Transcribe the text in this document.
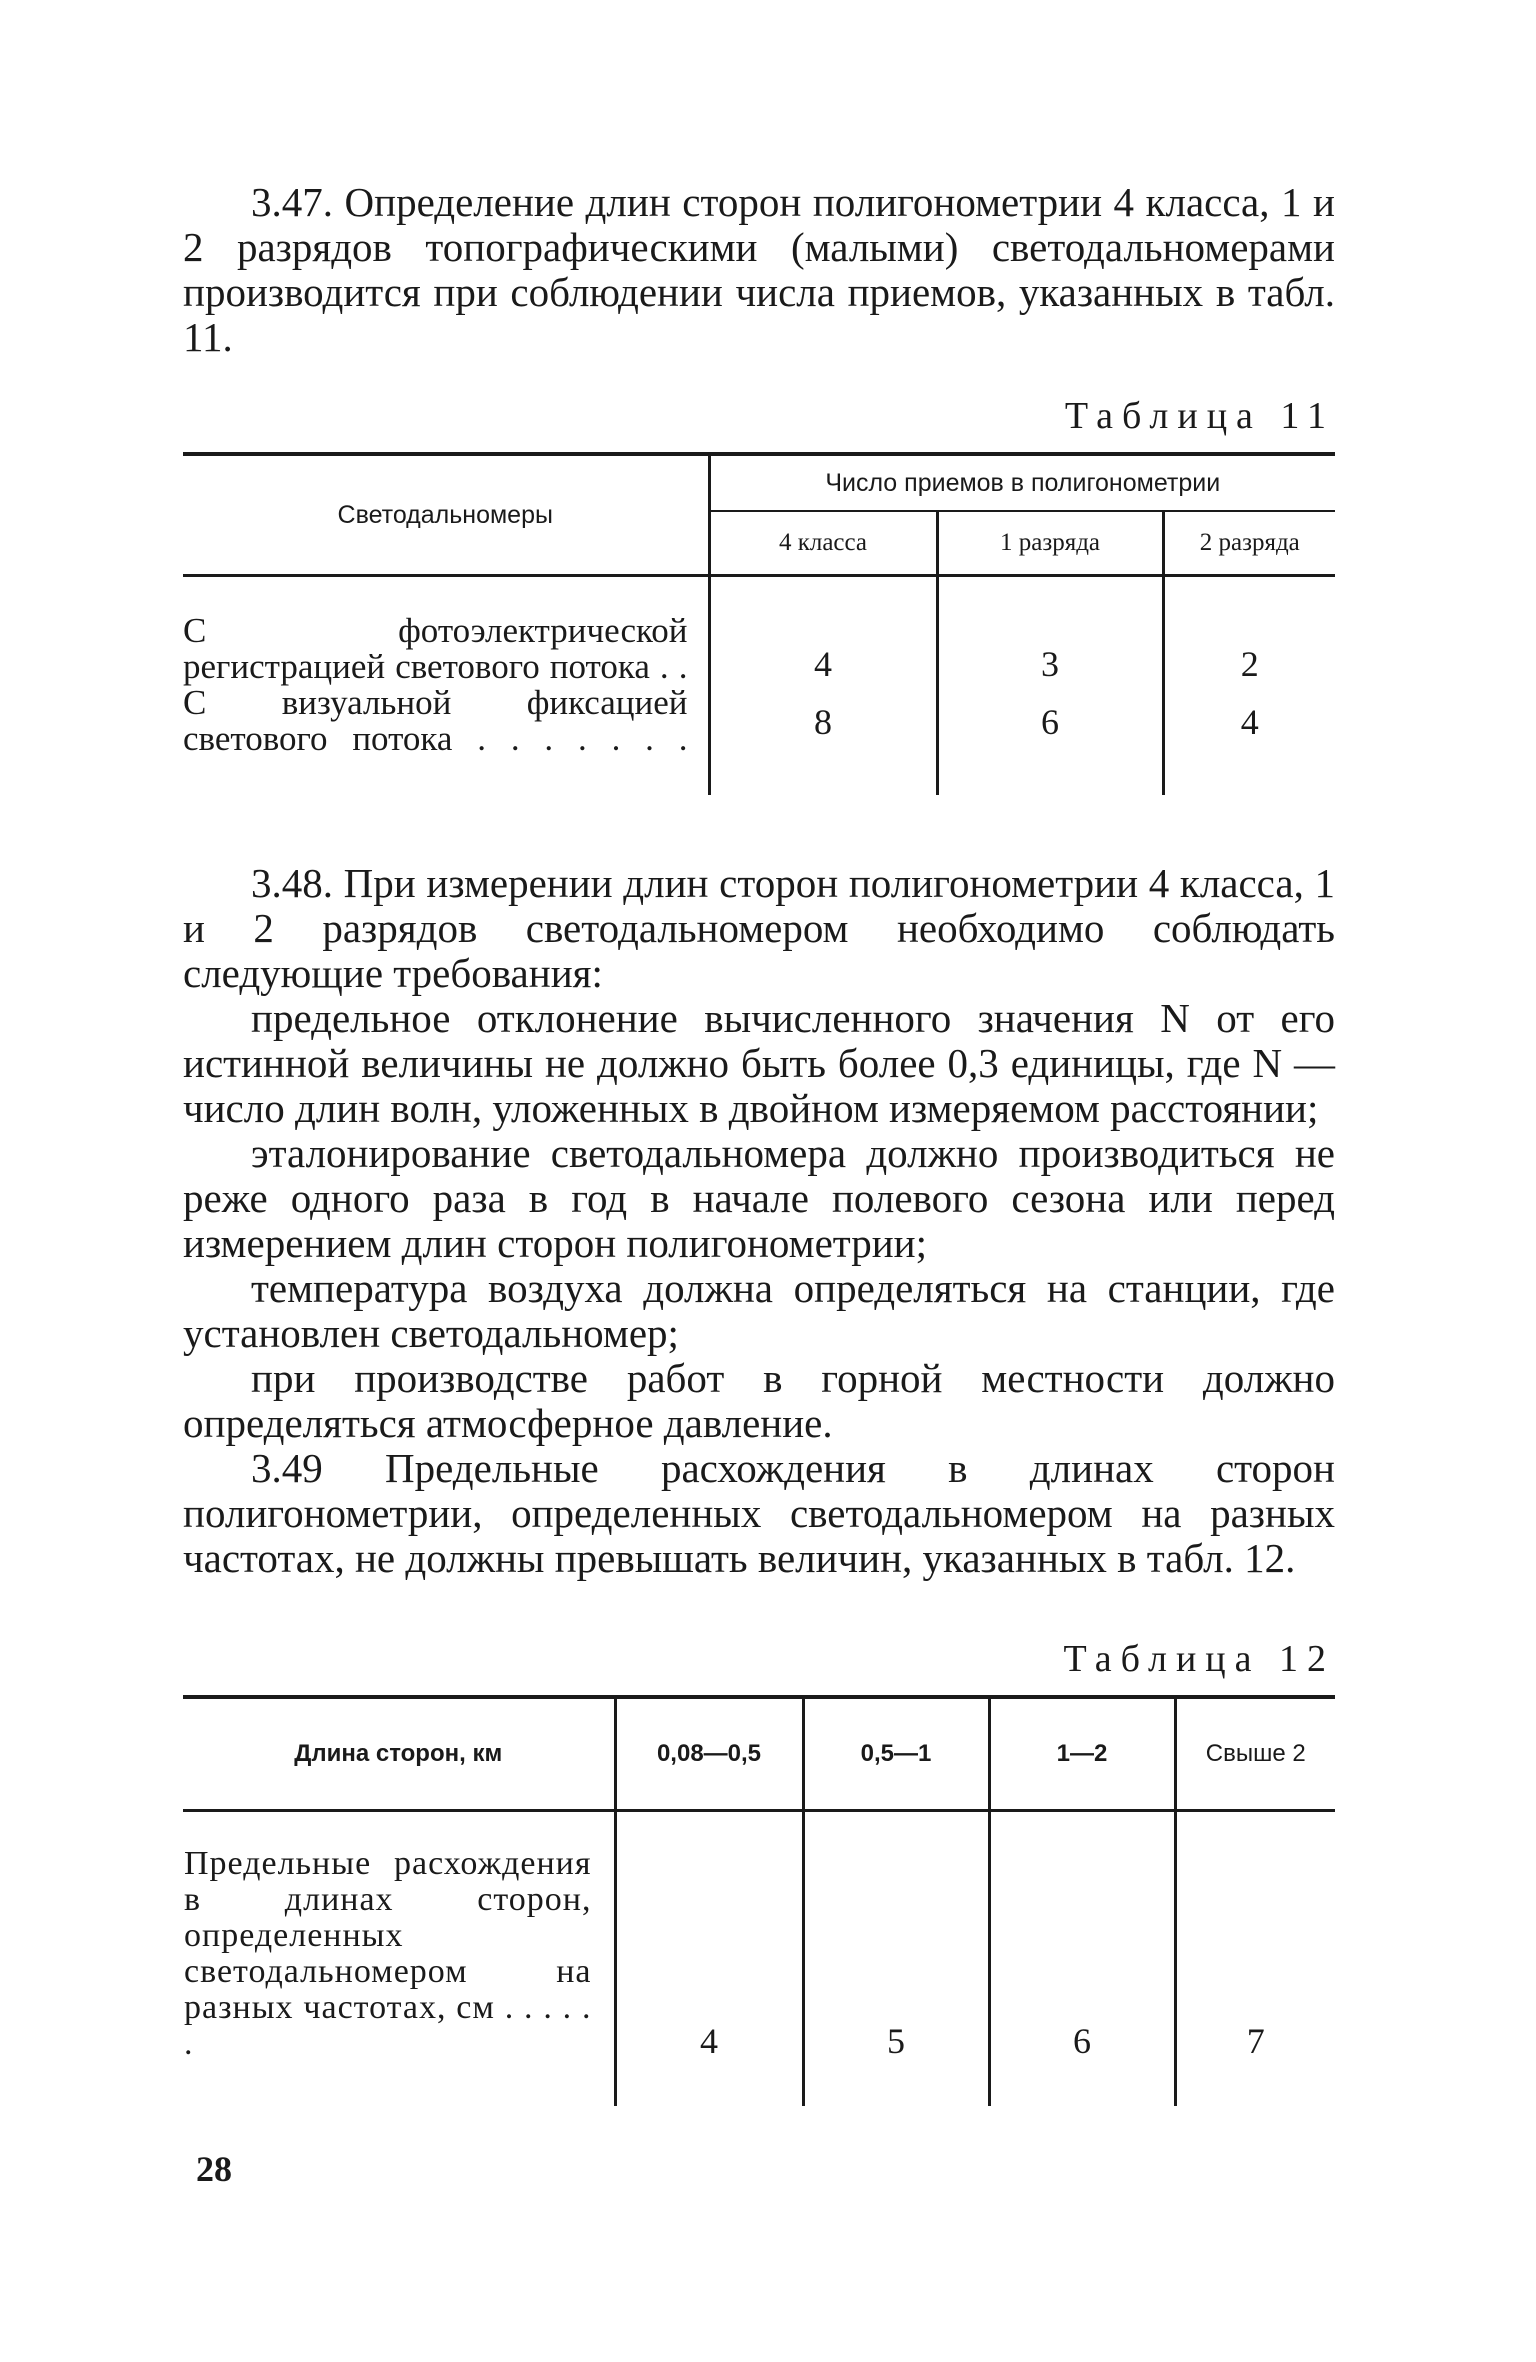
3.47. Определение длин сторон полигонометрии 4 класса, 1 и 2 разрядов топографическими (малыми) светодальномерами производится при соблюдении числа приемов, указанных в табл. 11.

Таблица 11
Светодальномеры	Число приемов в полигонометрии		
	4 класса	1 разряда	2 разряда
С фотоэлектрической регистрацией светового потока . .	4	3	2
С визуальной фиксацией светового потока . . . . . . .	8	6	4

3.48. При измерении длин сторон полигонометрии 4 класса, 1 и 2 разрядов светодальномером необходимо соблюдать следующие требования:

предельное отклонение вычисленного значения N от его истинной величины не должно быть более 0,3 единицы, где N —число длин волн, уложенных в двойном измеряемом расстоянии;

эталонирование светодальномера должно производиться не реже одного раза в год в начале полевого сезона или перед измерением длин сторон полигонометрии;

температура воздуха должна определяться на станции, где установлен светодальномер;

при производстве работ в горной местности должно определяться атмосферное давление.

3.49 Предельные расхождения в длинах сторон полигонометрии, определенных светодальномером на разных частотах, не должны превышать величин, указанных в табл. 12.

Таблица 12
Длина сторон, км	0,08—0,5	0,5—1	1—2	Свыше 2
Предельные расхождения в длинах сторон, определенных светодальномером на разных частотах, см . . . . . .	4	5	6	7
28
